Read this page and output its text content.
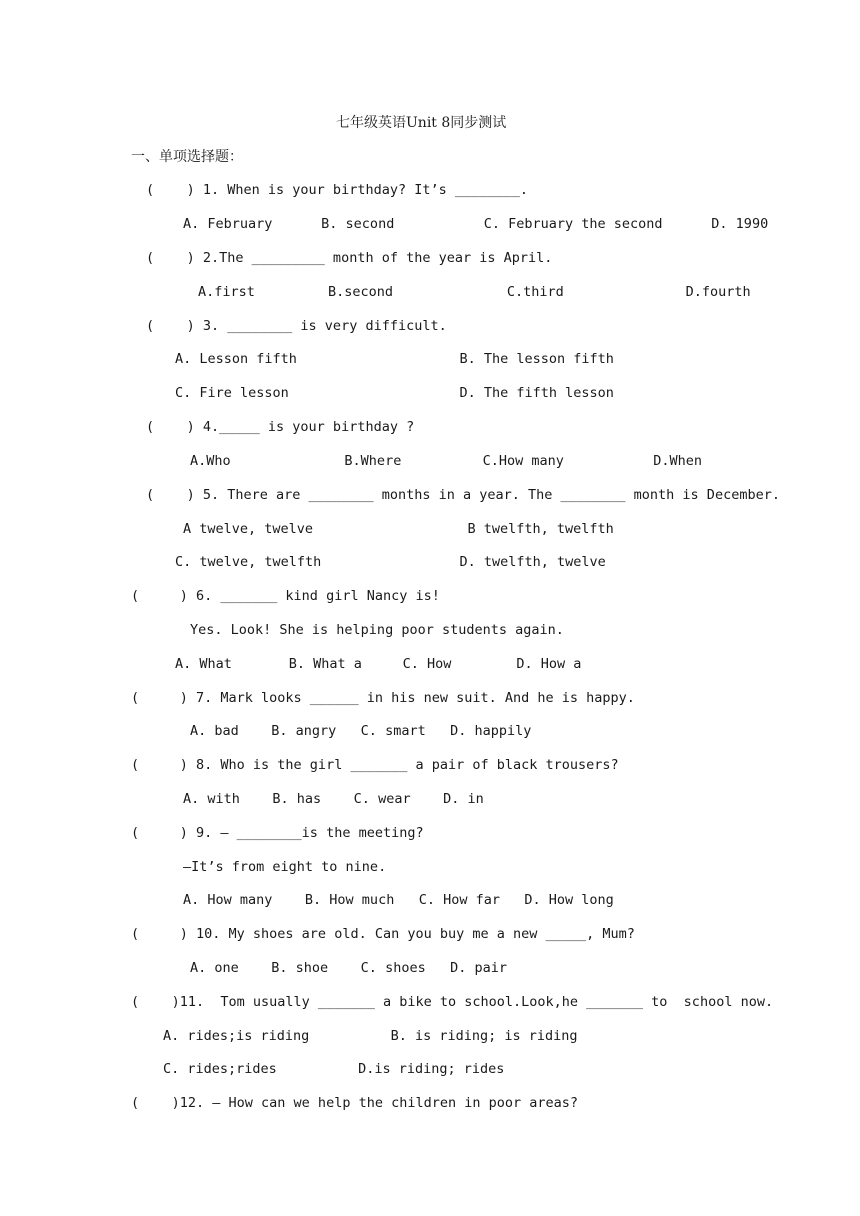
七年级英语Unit 8同步测试
一、单项选择题：
(    ) 1. When is your birthday? It’s ________.
A. February      B. second           C. February the second      D. 1990
(    ) 2.The _________ month of the year is April.
A.first         B.second              C.third               D.fourth
(    ) 3. ________ is very difficult.
A. Lesson fifth                    B. The lesson fifth
C. Fire lesson                     D. The fifth lesson
(    ) 4._____ is your birthday ?
A.Who              B.Where          C.How many           D.When
(    ) 5. There are ________ months in a year. The ________ month is December.
A twelve, twelve                   B twelfth, twelfth
C. twelve, twelfth                 D. twelfth, twelve
(     ) 6. _______ kind girl Nancy is!
Yes. Look! She is helping poor students again.
A. What       B. What a     C. How        D. How a
(     ) 7. Mark looks ______ in his new suit. And he is happy.
A. bad    B. angry   C. smart   D. happily
(     ) 8. Who is the girl _______ a pair of black trousers?
A. with    B. has    C. wear    D. in
(     ) 9. — ________is the meeting?
—It’s from eight to nine.
A. How many    B. How much   C. How far   D. How long
(     ) 10. My shoes are old. Can you buy me a new _____, Mum?
A. one    B. shoe    C. shoes   D. pair
(    )11.  Tom usually _______ a bike to school.Look,he _______ to  school now.
A. rides;is riding          B. is riding; is riding
C. rides;rides          D.is riding; rides
(    )12. — How can we help the children in poor areas?
